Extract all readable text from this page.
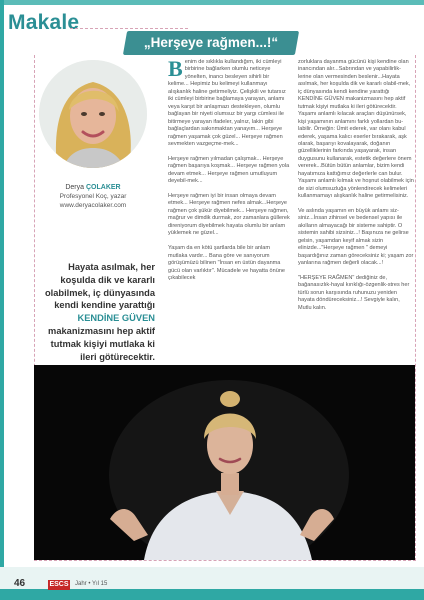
Makale
„Herşeye rağmen...!“
Derya ÇOLAKER
Profesyonel Koç, yazar
www.deryacolaker.com
Hayata asılmak, her koşulda dik ve kararlı olabilmek, iç dünyasında kendi kendine yarattığı KENDİNE GÜVEN makanizmasını hep aktif tutmak kişiyi mutlaka ki ileri götürecektir.

Benim de sıklıkla kullandığım, iki cümleyi birbirine bağlarken olumlu neticeye yönelten, inancı besleyen sihirli bir kelime... Hepimiz bu kelimeyi kullanmayı alışkanlık haline getirmeliyiz. Çelişkili ve tutarsız iki cümleyi birbirine bağlamaya yarayan, anlamı veya karşıt bir anlaşmazı destekleyen, olumlu bağlayan bir niyeti olumsuz bir yargı cümlesi ile bitirmeye yarayan ifadeler, yalnız, lakin gibi bağlaçlardan sakınmaktan yanayım... Herşeye rağmen yaşamak çok güzel... Herşeye rağmen sevmekten vazgeçme-mek...

Herşeye rağmen yılmadan çalışmak... Herşeye rağmen başarıya koşmak... Herşeye rağmen yola devam etmek... Herşeye rağmen umutluyum deyebil-mek...

Herşeye rağmen iyi bir insan olmaya devam etmek... Herşeye rağmen nefes almak...Herşeye rağmen çok şükür diyebilmek... Herşeye rağmen, mağrur ve dimdik durmak, zor zamanlara güllerek direniyorum diyebilmek hayata olumlu bir anlam yüklemek ne güzel...

Yaşam da en kötü şartlarda bile bir anlam mutlaka vardır... Bana göre ve sanıyorum görüşümüzü bilinen "İnsan en üstün dayanma gücü olan varlıktır". Mücadele ve hayatta önüne çıkabilecek

zorluklara dayanma gücünü kişi kendine olan inancından alır...Sabrından ve yapabilirlik-lerine olan vermesinden beslenir...Hayata asılmak, her koşulda dik ve kararlı olabil-mek, iç dünyasında kendi kendine yarattığı KENDİNE GÜVEN makanizmasını hep aktif tutmak kişiyi mutlaka ki ileri götürecektir. Yaşamı anlamlı kılacak araçları düşünürsek, kişi yaşamının anlamını farklı yollardan bu-labilir. Örneğin: Ümit ederek, var olanı kabul ederek, yaşama kalıcı eserler bırakarak, aşk olarak, başarıyı kovalayarak, doğanın güzelliklerinin farkında yaşayarak, insan duygusunu kullanarak, estetik değerlere önem vererek...Bütün bütün anlamlar, bizim kendi hayatımıza kattığımız değerlerle can bulur. Yaşamı anlamlı kılmak ve hoşnut olabilmek için de sizi olumsuzluğa yönlendirecek kelimeleri kullanmamayı alışkanlık haline getirmelisiniz.

Ve aslında yaşamın en büyük anlamı siz-siniz...İnsan zihinsel ve bedensel yapısı ile akılların almayacağı bir sisteme sahiptir. O sistemin sahibi sizsiniz...! Başınıza ne gelirse gelsin, yaşamdan keyif almak sizin elinizde..."Herşeye rağmen " demeyi başardığınız zaman göreceksiniz ki; yaşam zor yanlarına rağmen değerli olacak...!

"HERŞEYE RAĞMEN" dediğiniz de, bağanasızlık-hayal kırıklığı-özgenlik-stres her türlü sorun karşısında ruhunuzu yeniden hayata döndüreceksiniz...! Sevgiyle kalın, Mutlu kalın.

46	ESCS Jahr • Yıl 15
